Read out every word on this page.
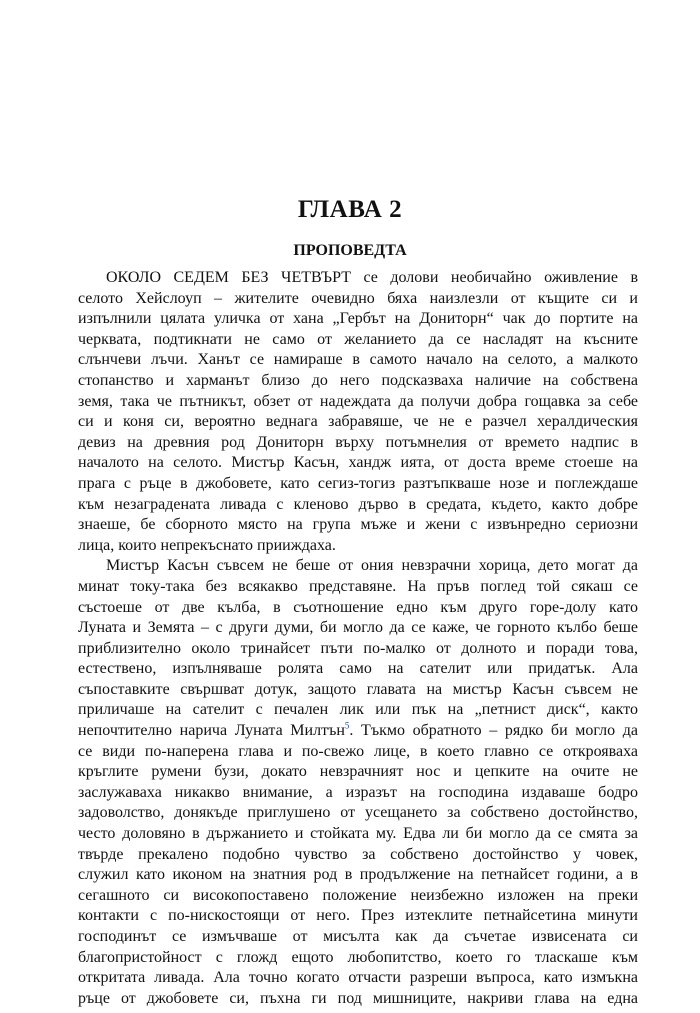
ГЛАВА 2
ПРОПОВЕДТА
ОКОЛО СЕДЕМ БЕЗ ЧЕТВЪРТ се долови необичайно оживление в
селото Хейслоуп – жителите очевидно бяха наизлезли от къщите си и
изпълнили цялата уличка от хана „Гербът на Дониторн“ чак до портите на
черквата, подтикнати не само от желанието да се насладят на късните
слънчеви лъчи. Ханът се намираше в самото начало на селото, а малкото
стопанство и харманът близо до него подсказваха наличие на собствена
земя, така че пътникът, обзет от надеждата да получи добра гощавка за себе
си и коня си, вероятно веднага забравяше, че не е разчел хералдическия
девиз на древния род Дониторн върху потъмнелия от времето надпис в
началото на селото. Мистър Касън, хандж ията, от доста време стоеше на
прага с ръце в джобовете, като сегиз-тогиз разтъпкваше нозе и поглеждаше
към незаградената ливада с кленово дърво в средата, където, както добре
знаеше, бе сборното място на група мъже и жени с извънредно сериозни
лица, които непрекъснато прииждаха.
Мистър Касън съвсем не беше от ония невзрачни хорица, дето могат да
минат току-така без всякакво представяне. На пръв поглед той сякаш се
състоеше от две кълба, в съотношение едно към друго горе-долу като
Луната и Земята – с други думи, би могло да се каже, че горното кълбо беше
приблизително около тринайсет пъти по-малко от долното и поради това,
естествено, изпълняваше ролята само на сателит или придатък. Ала
съпоставките свършват дотук, защото главата на мистър Касън съвсем не
приличаше на сателит с печален лик или пък на „петнист диск“, както
непочтително нарича Луната Милтън$^5$. Тъкмо обратното – рядко би могло да
се види по-наперена глава и по-свежо лице, в което главно се открояваха
кръглите румени бузи, докато невзрачният нос и цепките на очите не
заслужаваха никакво внимание, а изразът на господина издаваше бодро
задоволство, донякъде приглушено от усещането за собствено достойнство,
често доловяно в държанието и стойката му. Едва ли би могло да се смята за
твърде прекалено подобно чувство за собствено достойнство у човек,
служил като иконом на знатния род в продължение на петнайсет години, а в
сегашното си високопоставено положение неизбежно изложен на преки
контакти с по-нискостоящи от него. През изтеклите петнайсетина минути
господинът се измъчваше от мисълта как да съчетае извисената си
благопристойност с гложд ещото любопитство, което го тласкаше към
откритата ливада. Ала точно когато отчасти разреши въпроса, като измъкна
ръце от джобовете си, пъхна ги под мишниците, накриви глава на една
